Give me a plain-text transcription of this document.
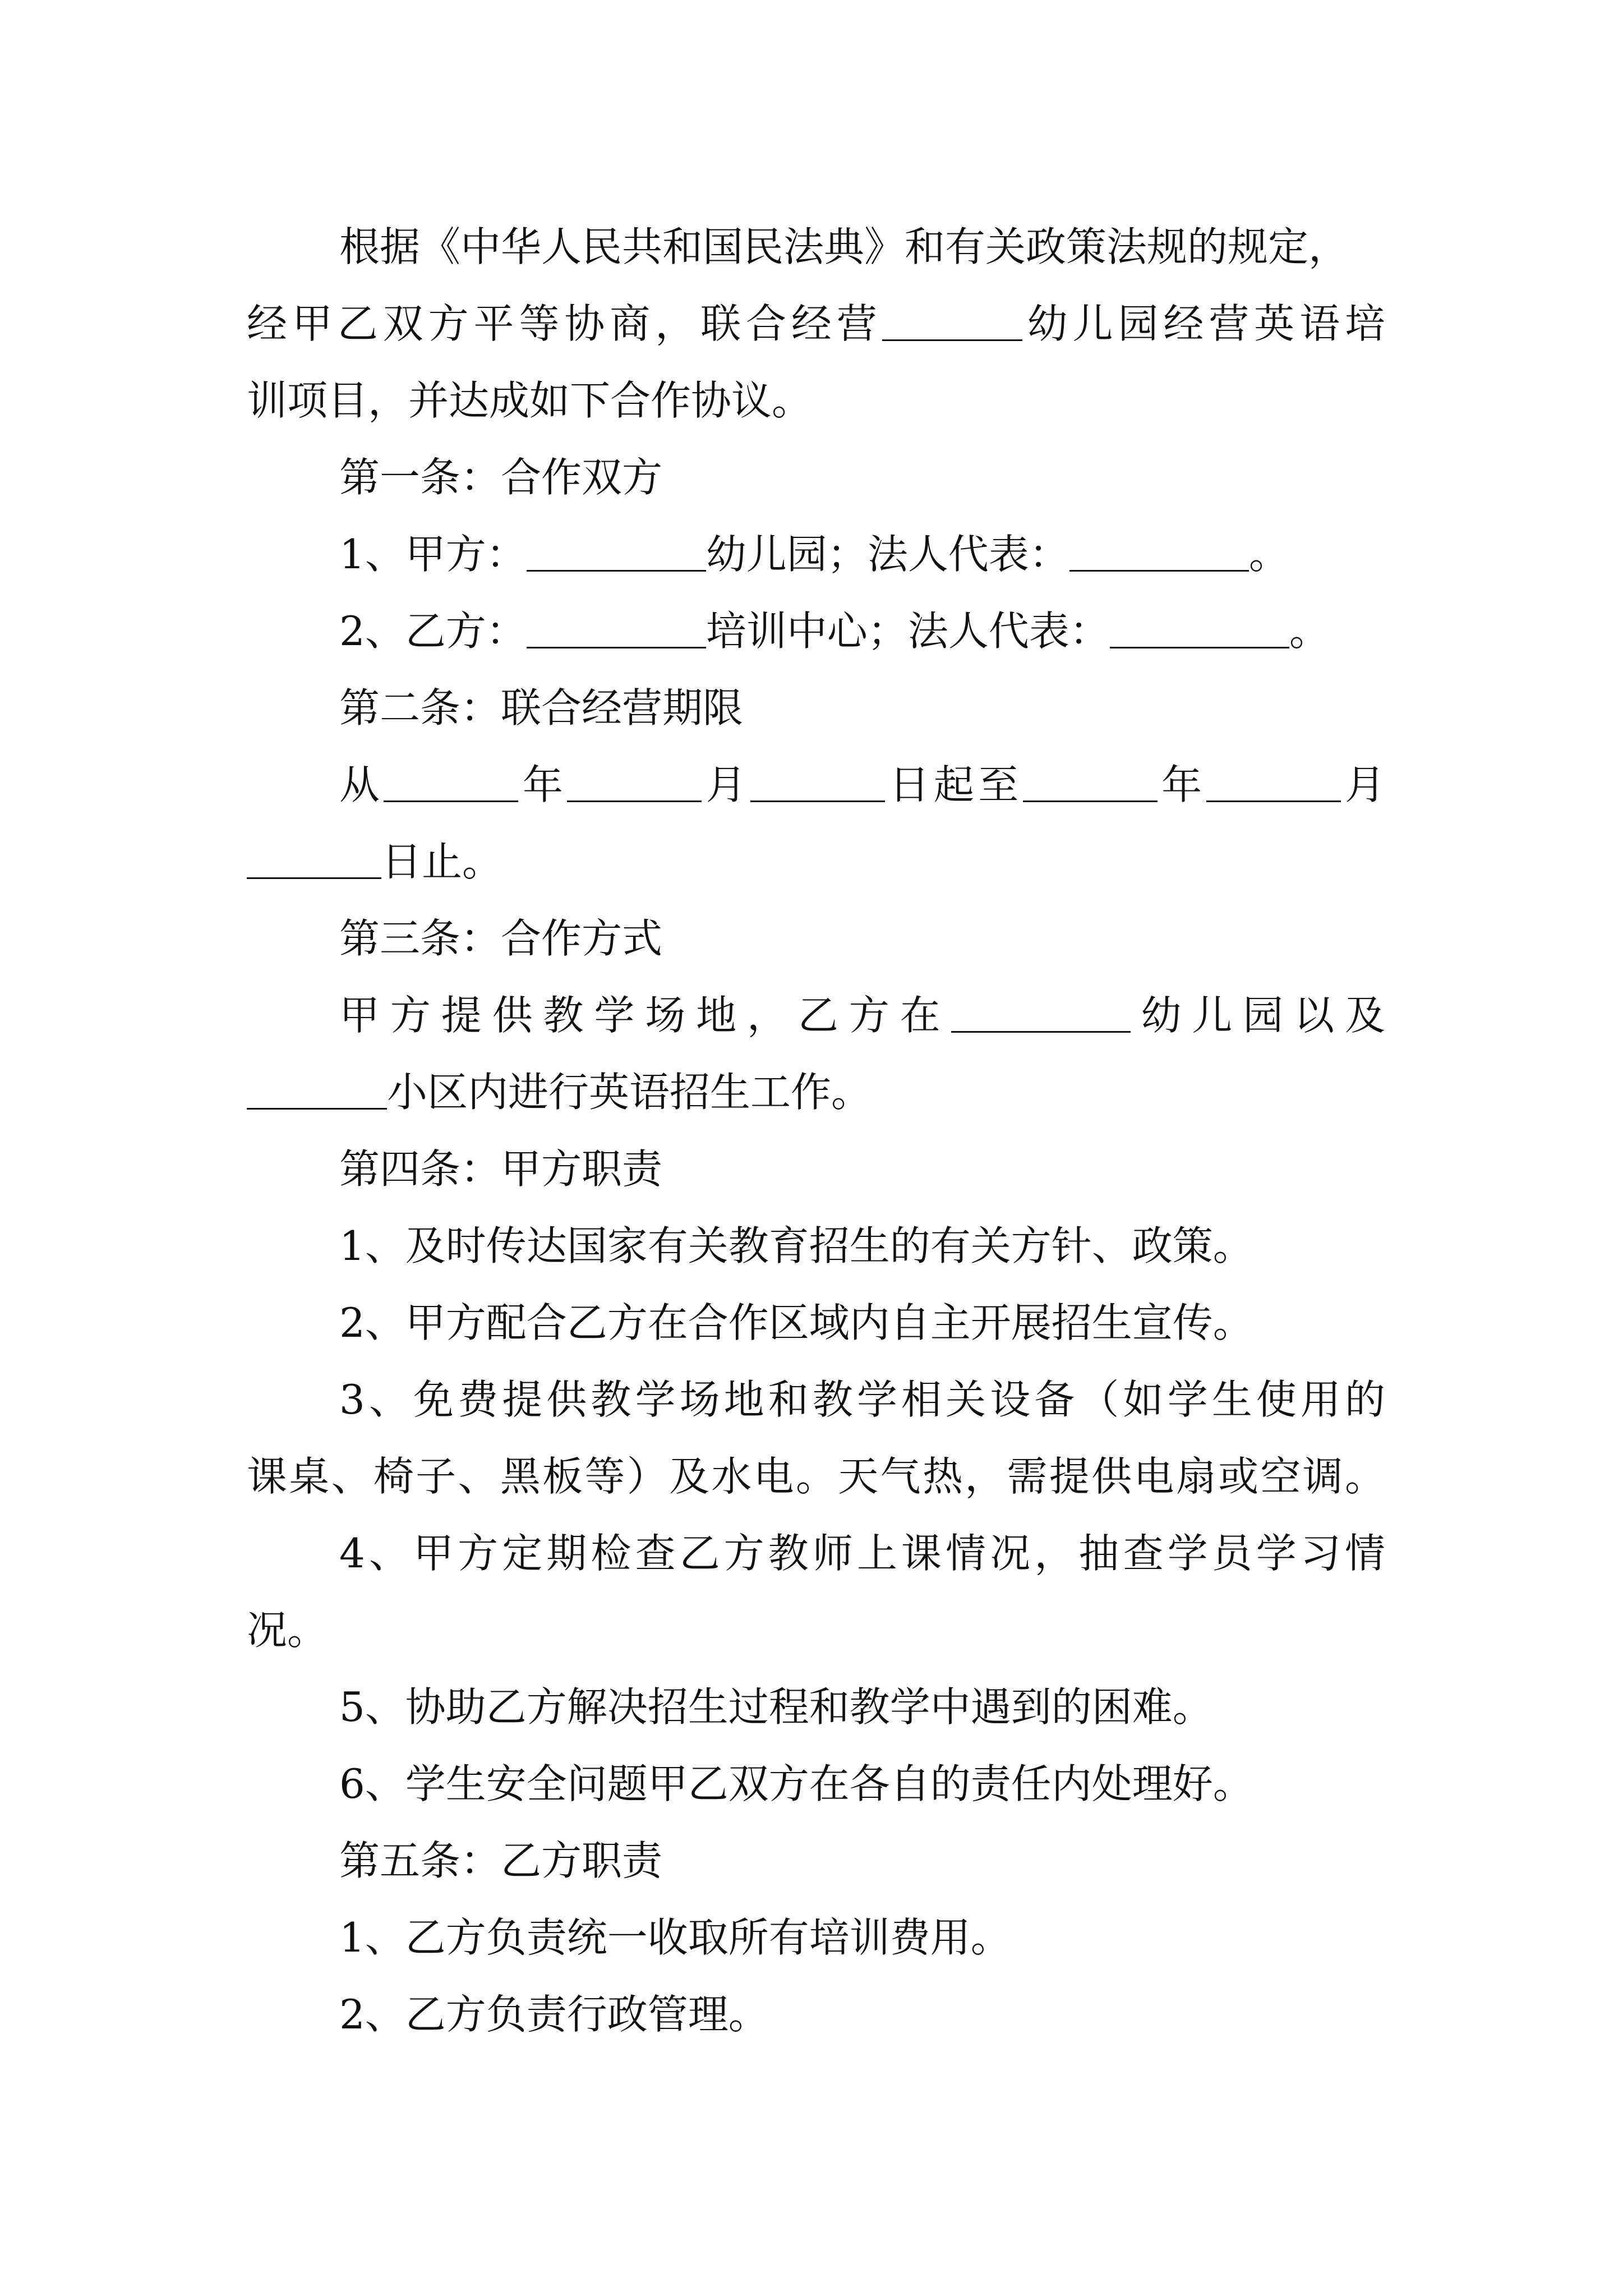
根据《中华人民共和国民法典》和有关政策法规的规定，
经甲乙双方平等协商，联合经营	幼儿园经营英语培
训项目，并达成如下合作协议。
第一条：合作双方
1、甲方：	幼儿园；法人代表：	。
2、乙方：	培训中心；法人代表：	。
第二条：联合经营期限
从	年	月	日起至	年	月
日止。
第三条：合作方式
甲方提供教学场地，乙方在	幼儿园以及
小区内进行英语招生工作。
第四条：甲方职责
1、及时传达国家有关教育招生的有关方针、政策。
2、甲方配合乙方在合作区域内自主开展招生宣传。
3、免费提供教学场地和教学相关设备（如学生使用的
课桌、椅子、黑板等）及水电。天气热，需提供电扇或空调。
4、甲方定期检查乙方教师上课情况，抽查学员学习情
况。
5、协助乙方解决招生过程和教学中遇到的困难。
6、学生安全问题甲乙双方在各自的责任内处理好。
第五条：乙方职责
1、乙方负责统一收取所有培训费用。
2、乙方负责行政管理。
